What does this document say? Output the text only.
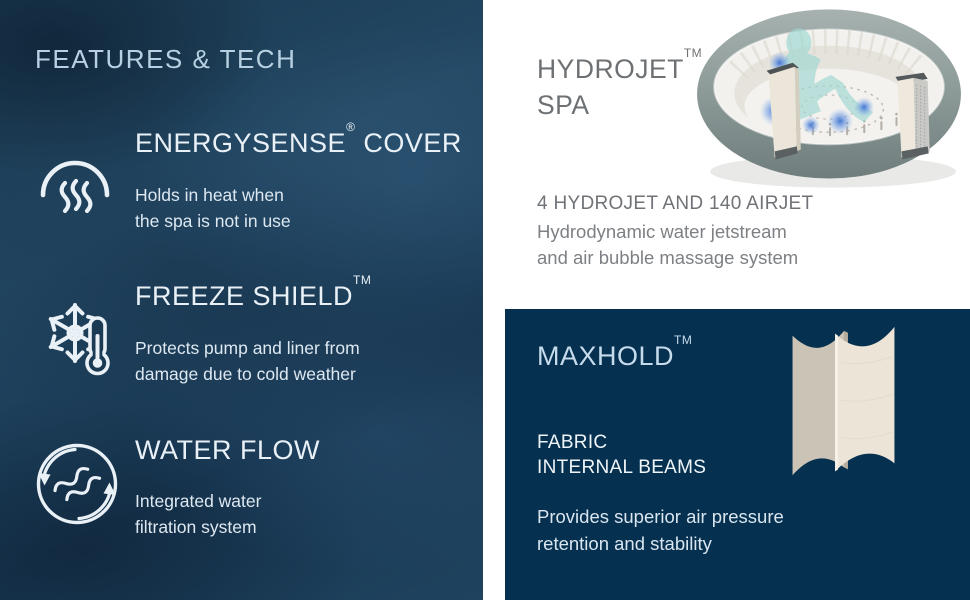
FEATURES & TECH
ENERGYSENSE® COVER
Holds in heat when
the spa is not in use
FREEZE SHIELD™
Protects pump and liner from
damage due to cold weather
WATER FLOW
Integrated water
filtration system
HYDROJET™
SPA
4 HYDROJET AND 140 AIRJET
Hydrodynamic water jetstream
and air bubble massage system
MAXHOLD™
FABRIC
INTERNAL BEAMS
Provides superior air pressure
retention and stability
